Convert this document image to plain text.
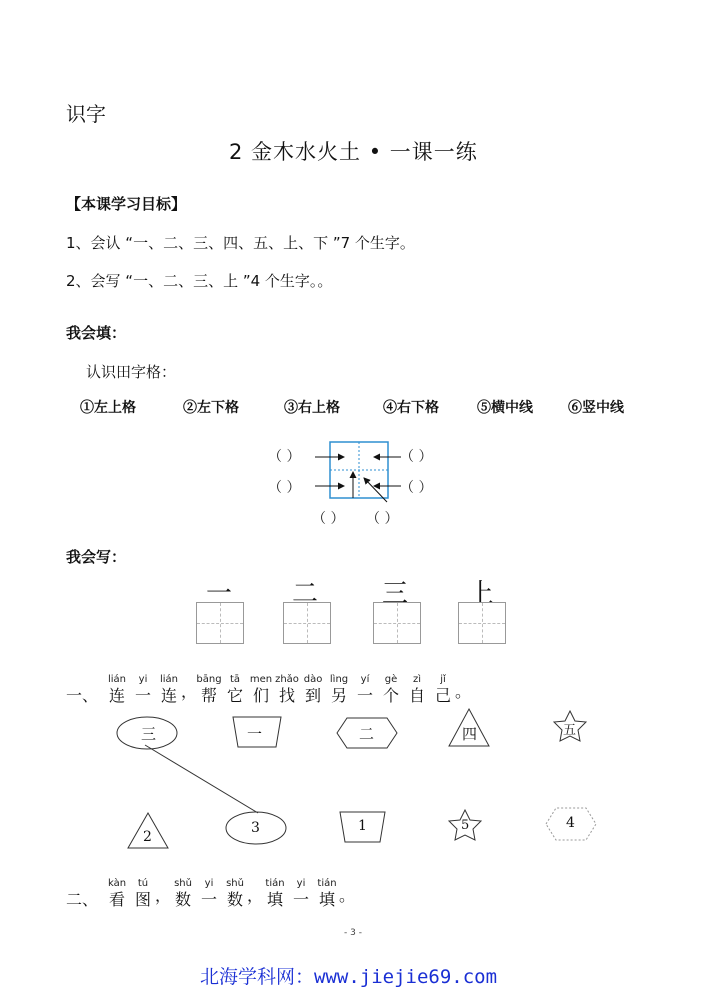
识字
2 金木水火土 • 一课一练
【本课学习目标】
1、会认 “一、二、三、四、五、上、下 ”7 个生字。
2、会写 “一、二、三、上 ”4 个生字。。
我会填：
认识田字格：
①左上格	②左下格	③右上格	④右下格	⑤横中线	⑥竖中线
（ ）	（ ）
（ ）	（ ）
（ ） （ ）
我会写：
一 二 三 上
一、
lián
连
yi
一
lián
连 ，
bāng
帮
tā
它
men
们
zhǎo
找
dào
到
lìng
另
yí
一
gè
个
zì
自
jǐ
己 。
三	一	二	四	五
2
3	1	5	4
二、
kàn
看
tú
图 ，
shǔ
数
yi
一
shǔ
数 ，
tián
填
yi
一
tián
填 。
- 3 -
北海学科网：www.jiejie69.com
